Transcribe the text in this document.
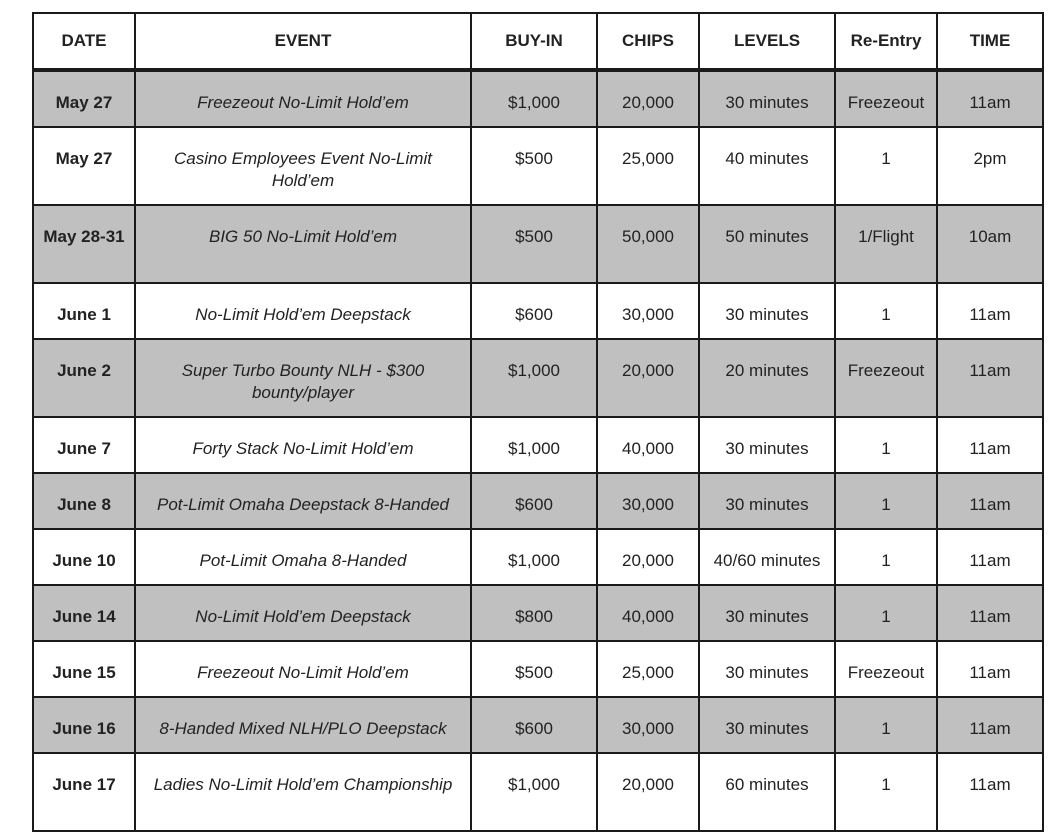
DATE	EVENT	BUY-IN	CHIPS	LEVELS	Re-Entry	TIME
May 27	Freezeout No-Limit Hold’em	$1,000	20,000	30 minutes	Freezeout	11am
May 27	Casino Employees Event No-Limit Hold’em	$500	25,000	40 minutes	1	2pm
May 28-31	BIG 50 No-Limit Hold’em	$500	50,000	50 minutes	1/Flight	10am
June 1	No-Limit Hold’em Deepstack	$600	30,000	30 minutes	1	11am
June 2	Super Turbo Bounty NLH - $300 bounty/player	$1,000	20,000	20 minutes	Freezeout	11am
June 7	Forty Stack No-Limit Hold’em	$1,000	40,000	30 minutes	1	11am
June 8	Pot-Limit Omaha Deepstack 8-Handed	$600	30,000	30 minutes	1	11am
June 10	Pot-Limit Omaha 8-Handed	$1,000	20,000	40/60 minutes	1	11am
June 14	No-Limit Hold’em Deepstack	$800	40,000	30 minutes	1	11am
June 15	Freezeout No-Limit Hold’em	$500	25,000	30 minutes	Freezeout	11am
June 16	8-Handed Mixed NLH/PLO Deepstack	$600	30,000	30 minutes	1	11am
June 17	Ladies No-Limit Hold’em Championship	$1,000	20,000	60 minutes	1	11am
